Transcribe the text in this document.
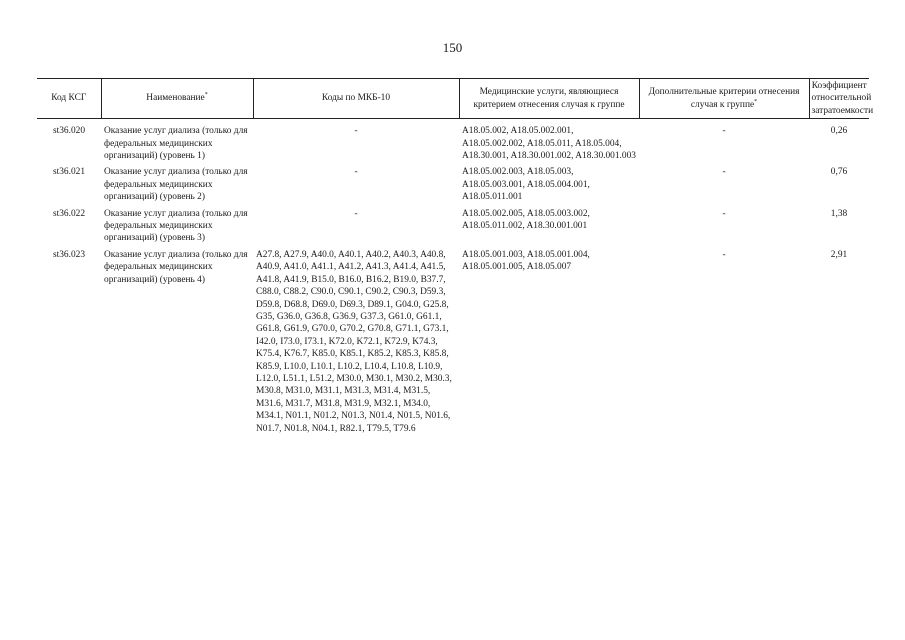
150
Код КСГ	Наименование*	Коды по МКБ-10	Медицинские услуги, являющиеся критерием отнесения случая к группе	Дополнительные критерии отнесения случая к группе*	Коэффициент относительной затратоемкости
st36.020	Оказание услуг диализа (только для федеральных медицинских организаций) (уровень 1)	-	A18.05.002, A18.05.002.001, A18.05.002.002, A18.05.011, A18.05.004, A18.30.001, A18.30.001.002, A18.30.001.003	-	0,26
st36.021	Оказание услуг диализа (только для федеральных медицинских организаций) (уровень 2)	-	A18.05.002.003, A18.05.003, A18.05.003.001, A18.05.004.001, A18.05.011.001	-	0,76
st36.022	Оказание услуг диализа (только для федеральных медицинских организаций) (уровень 3)	-	A18.05.002.005, A18.05.003.002, A18.05.011.002, A18.30.001.001	-	1,38
st36.023	Оказание услуг диализа (только для федеральных медицинских организаций) (уровень 4)	A27.8, A27.9, A40.0, A40.1, A40.2, A40.3, A40.8, A40.9, A41.0, A41.1, A41.2, A41.3, A41.4, A41.5, A41.8, A41.9, B15.0, B16.0, B16.2, B19.0, B37.7, C88.0, C88.2, C90.0, C90.1, C90.2, C90.3, D59.3, D59.8, D68.8, D69.0, D69.3, D89.1, G04.0, G25.8, G35, G36.0, G36.8, G36.9, G37.3, G61.0, G61.1, G61.8, G61.9, G70.0, G70.2, G70.8, G71.1, G73.1, I42.0, I73.0, I73.1, K72.0, K72.1, K72.9, K74.3, K75.4, K76.7, K85.0, K85.1, K85.2, K85.3, K85.8, K85.9, L10.0, L10.1, L10.2, L10.4, L10.8, L10.9, L12.0, L51.1, L51.2, M30.0, M30.1, M30.2, M30.3, M30.8, M31.0, M31.1, M31.3, M31.4, M31.5, M31.6, M31.7, M31.8, M31.9, M32.1, M34.0, M34.1, N01.1, N01.2, N01.3, N01.4, N01.5, N01.6, N01.7, N01.8, N04.1, R82.1, T79.5, T79.6	A18.05.001.003, A18.05.001.004, A18.05.001.005, A18.05.007	-	2,91
